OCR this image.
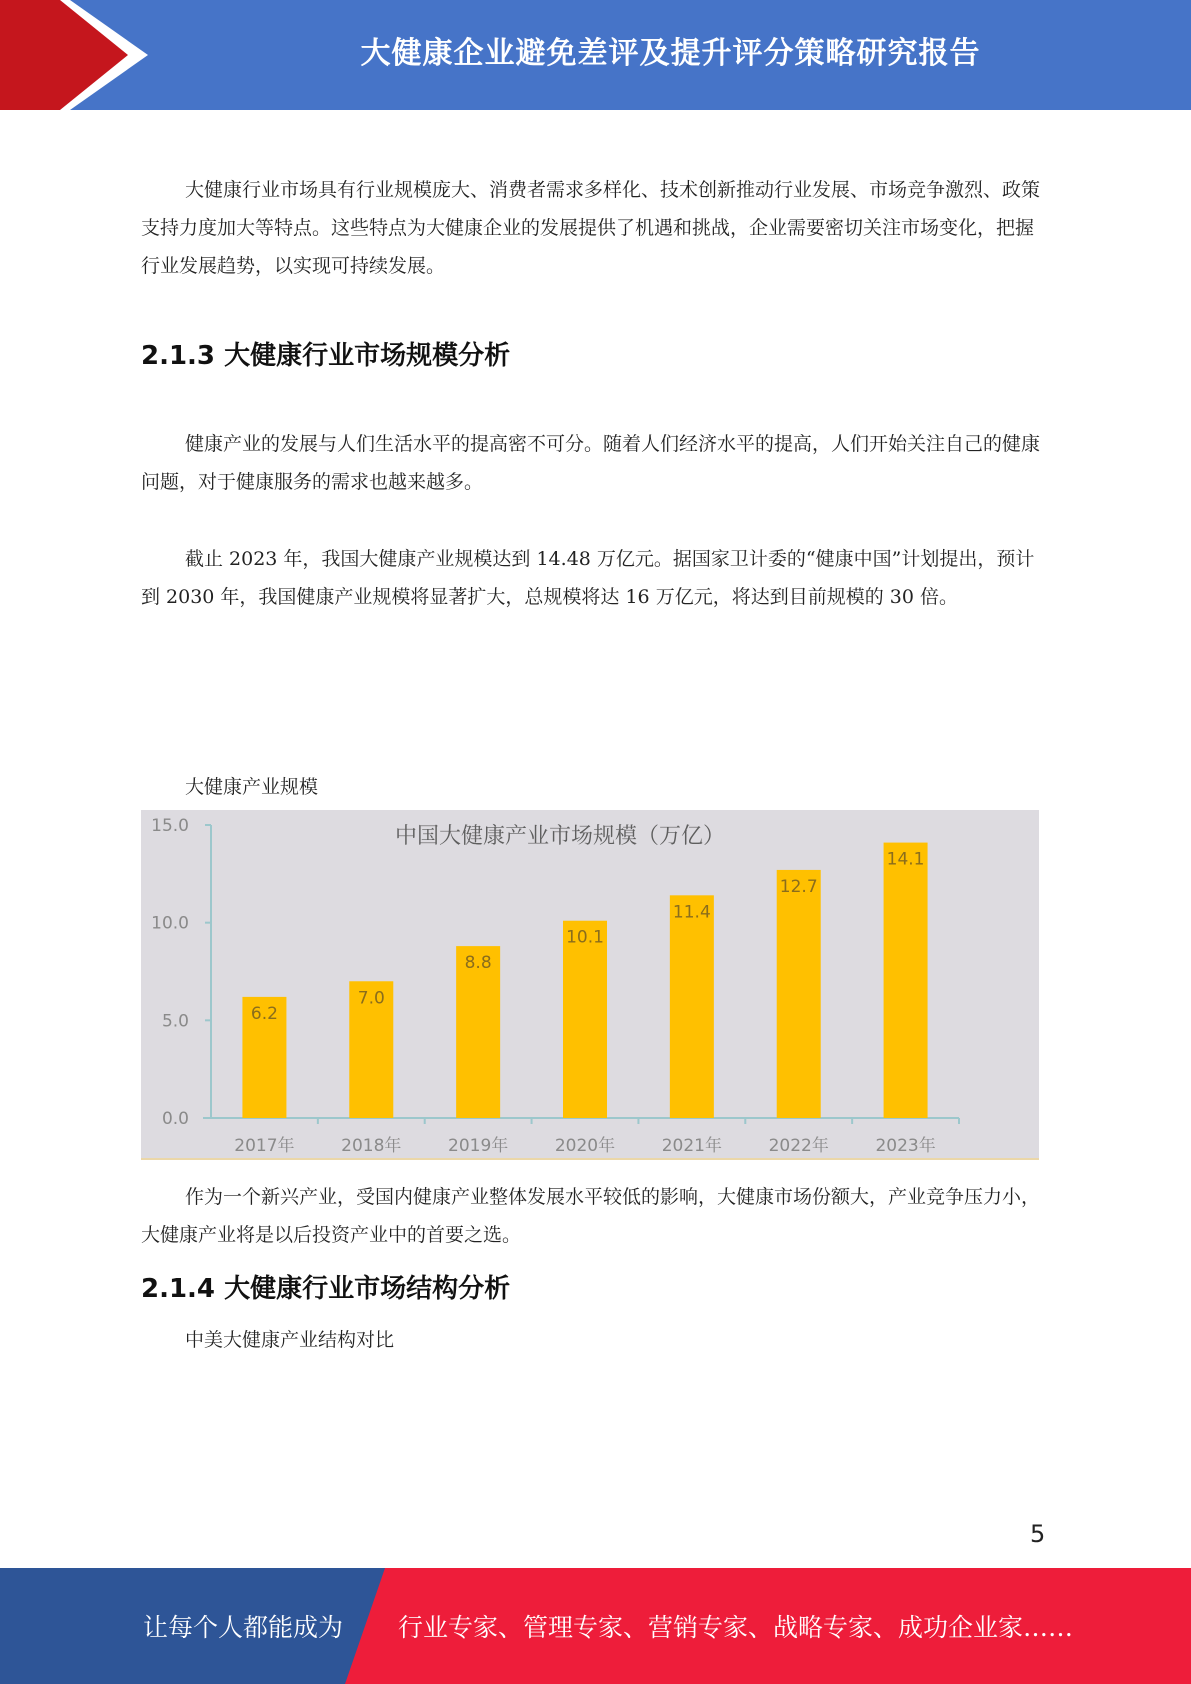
大健康企业避免差评及提升评分策略研究报告

大健康行业市场具有行业规模庞大、消费者需求多样化、技术创新推动行业发展、市场竞争激烈、政策支持力度加大等特点。这些特点为大健康企业的发展提供了机遇和挑战，企业需要密切关注市场变化，把握行业发展趋势，以实现可持续发展。

2.1.3 大健康行业市场规模分析

健康产业的发展与人们生活水平的提高密不可分。随着人们经济水平的提高，人们开始关注自己的健康问题，对于健康服务的需求也越来越多。

截止 2023 年，我国大健康产业规模达到 14.48 万亿元。据国家卫计委的“健康中国”计划提出，预计到 2030 年，我国健康产业规模将显著扩大，总规模将达 16 万亿元，将达到目前规模的 30 倍。

大健康产业规模

中国大健康产业市场规模（万亿）
0.0
5.0
10.0
15.0
6.2
2017年
7.0
2018年
8.8
2019年
10.1
2020年
11.4
2021年
12.7
2022年
14.1
2023年

作为一个新兴产业，受国内健康产业整体发展水平较低的影响，大健康市场份额大，产业竞争压力小，大健康产业将是以后投资产业中的首要之选。

2.1.4 大健康行业市场结构分析

中美大健康产业结构对比

5
让每个人都能成为 行业专家、管理专家、营销专家、战略专家、成功企业家……
